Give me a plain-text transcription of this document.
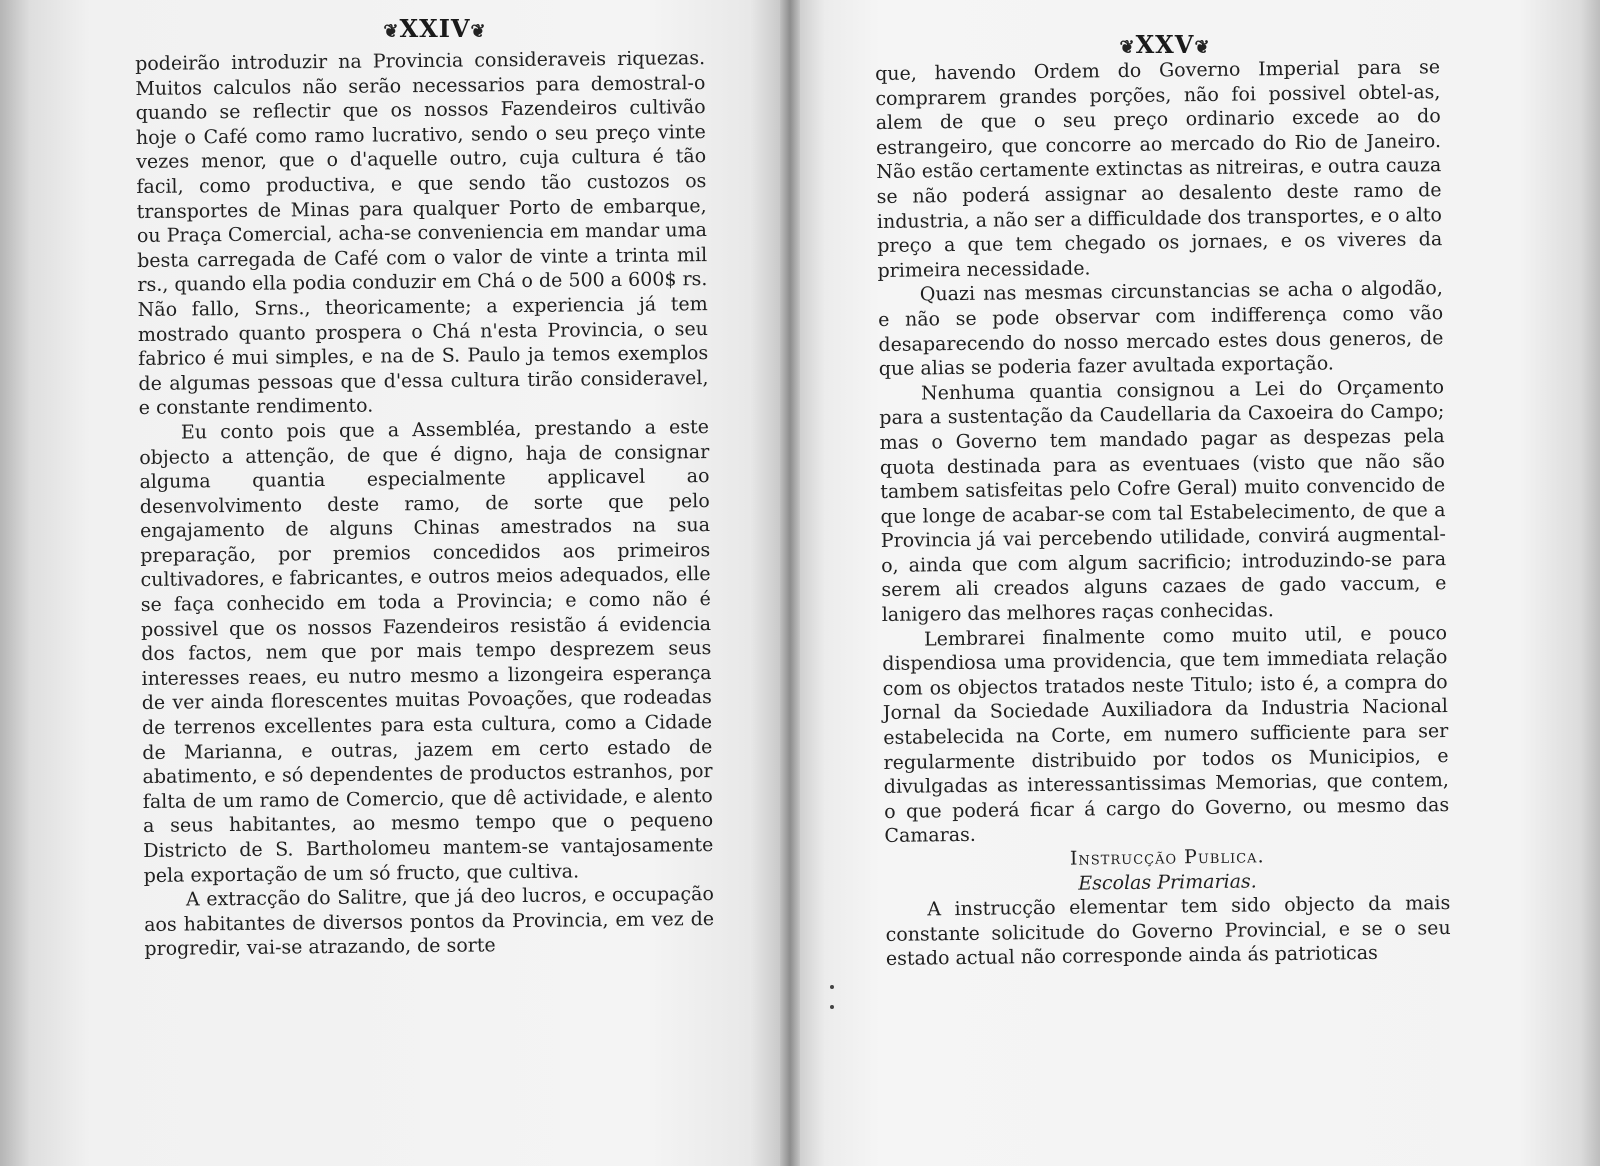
❦XXIV❦

podeirão introduzir na Provincia consideraveis riquezas. Muitos calculos não serão necessarios para demostral-o quando se reflectir que os nossos Fazendeiros cultivão hoje o Café como ramo lucrativo, sendo o seu preço vinte vezes menor, que o d'aquelle outro, cuja cultura é tão facil, como productiva, e que sendo tão custozos os transportes de Minas para qualquer Porto de embarque, ou Praça Comercial, acha-se conveniencia em mandar uma besta carregada de Café com o valor de vinte a trinta mil rs., quando ella podia conduzir em Chá o de 500 a 600$ rs. Não fallo, Srns., theoricamente; a experiencia já tem mostrado quanto prospera o Chá n'esta Provincia, o seu fabrico é mui simples, e na de S. Paulo ja temos exemplos de algumas pessoas que d'essa cultura tirão consideravel, e constante rendimento.

Eu conto pois que a Assembléa, prestando a este objecto a attenção, de que é digno, haja de consignar alguma quantia especialmente applicavel ao desenvolvimento deste ramo, de sorte que pelo engajamento de alguns Chinas amestrados na sua preparação, por premios concedidos aos primeiros cultivadores, e fabricantes, e outros meios adequados, elle se faça conhecido em toda a Provincia; e como não é possivel que os nossos Fazendeiros resistão á evidencia dos factos, nem que por mais tempo desprezem seus interesses reaes, eu nutro mesmo a lizongeira esperança de ver ainda florescentes muitas Povoações, que rodeadas de terrenos excellentes para esta cultura, como a Cidade de Marianna, e outras, jazem em certo estado de abatimento, e só dependentes de productos estranhos, por falta de um ramo de Comercio, que dê actividade, e alento a seus habitantes, ao mesmo tempo que o pequeno Districto de S. Bartholomeu mantem-se vantajosamente pela exportação de um só fructo, que cultiva.

A extracção do Salitre, que já deo lucros, e occupação aos habitantes de diversos pontos da Provincia, em vez de progredir, vai-se atrazando, de sorte

❦XXV❦

que, havendo Ordem do Governo Imperial para se comprarem grandes porções, não foi possivel obtel-as, alem de que o seu preço ordinario excede ao do estrangeiro, que concorre ao mercado do Rio de Janeiro. Não estão certamente extinctas as nitreiras, e outra cauza se não poderá assignar ao desalento deste ramo de industria, a não ser a difficuldade dos transportes, e o alto preço a que tem chegado os jornaes, e os viveres da primeira necessidade.

Quazi nas mesmas circunstancias se acha o algodão, e não se pode observar com indifferença como vão desaparecendo do nosso mercado estes dous generos, de que alias se poderia fazer avultada exportação.

Nenhuma quantia consignou a Lei do Orçamento para a sustentação da Caudellaria da Caxoeira do Campo; mas o Governo tem mandado pagar as despezas pela quota destinada para as eventuaes (visto que não são tambem satisfeitas pelo Cofre Geral) muito convencido de que longe de acabar-se com tal Estabelecimento, de que a Provincia já vai percebendo utilidade, convirá augmental-o, ainda que com algum sacrificio; introduzindo-se para serem ali creados alguns cazaes de gado vaccum, e lanigero das melhores raças conhecidas.

Lembrarei finalmente como muito util, e pouco dispendiosa uma providencia, que tem immediata relação com os objectos tratados neste Titulo; isto é, a compra do Jornal da Sociedade Auxiliadora da Industria Nacional estabelecida na Corte, em numero sufficiente para ser regularmente distribuido por todos os Municipios, e divulgadas as interessantissimas Memorias, que contem, o que poderá ficar á cargo do Governo, ou mesmo das Camaras.

Instrucção Publica.

Escolas Primarias.

A instrucção elementar tem sido objecto da mais constante solicitude do Governo Provincial, e se o seu estado actual não corresponde ainda ás patrioticas
